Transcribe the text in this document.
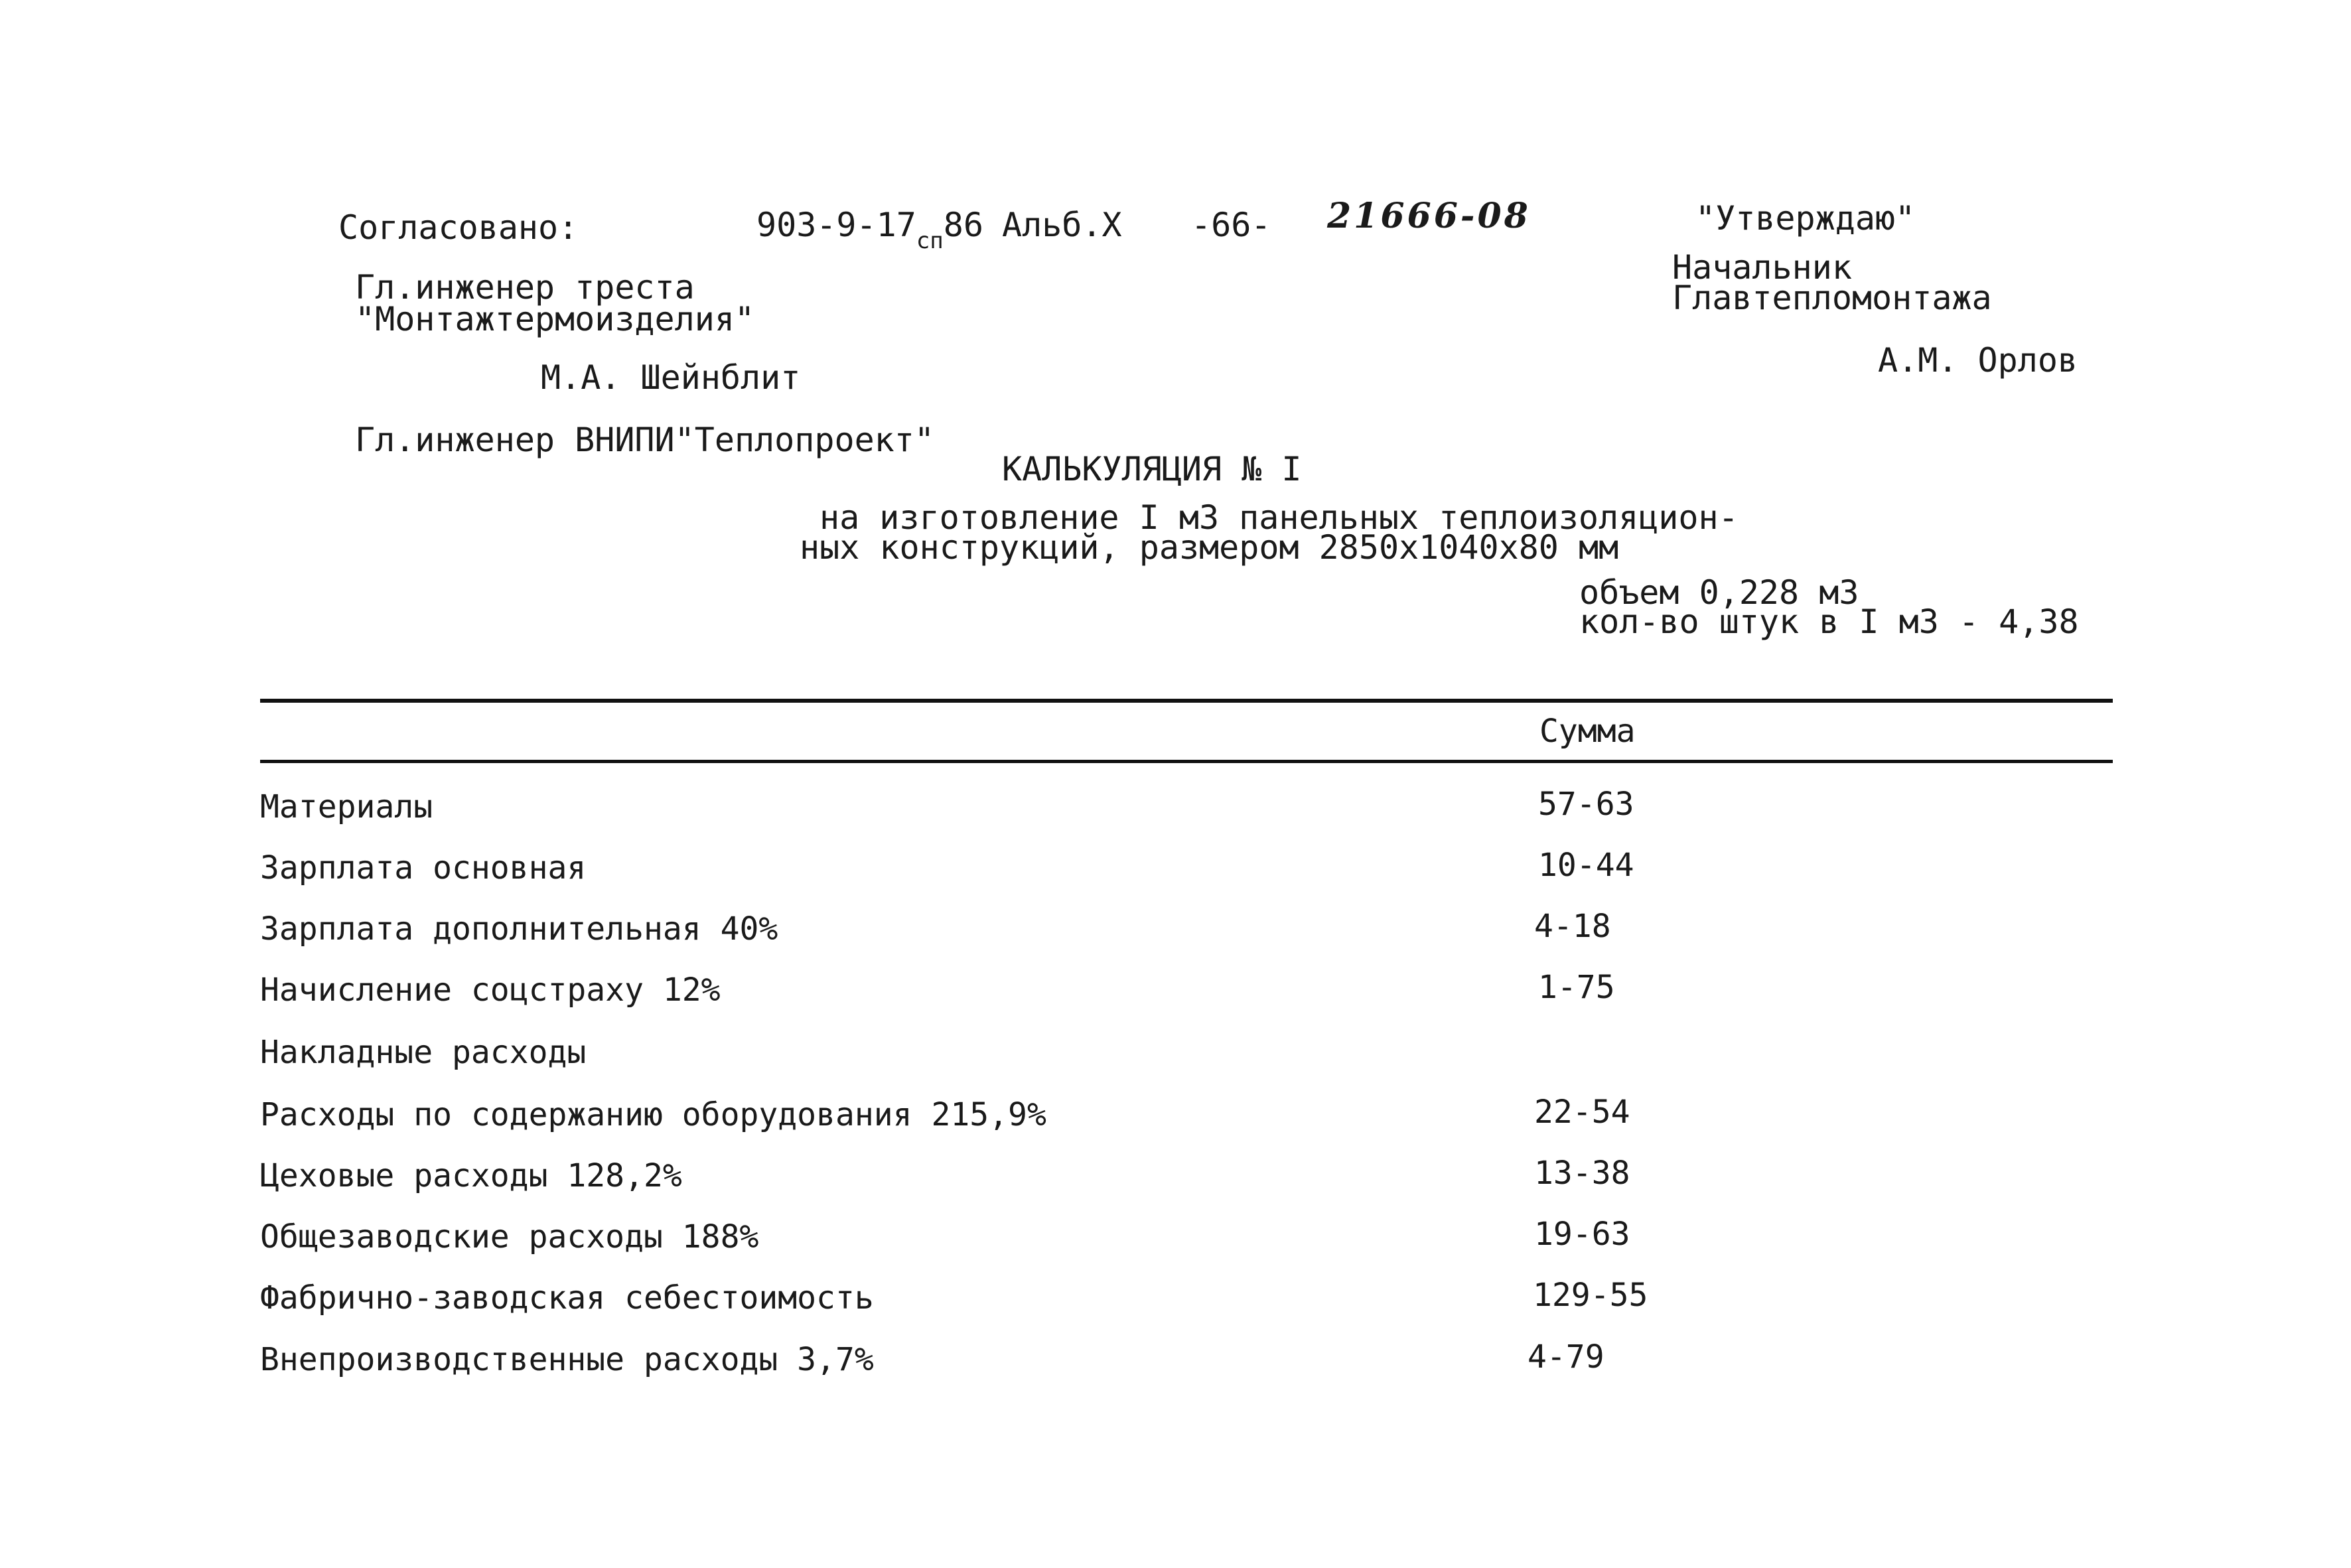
Согласовано:	$903-9-17_{сп}86$ Альб.X -66- 21666-08	"Утверждаю"
Гл.инженер треста
"Монтажтермоизделия"
М.А. Шейнблит
Гл.инженер ВНИПИ"Теплопроект"
Начальник
Главтепломонтажа
А.М. Орлов
КАЛЬКУЛЯЦИЯ № I
на изготовление I м3 панельных теплоизоляцион-
ных конструкций, размером 2850х1040х80 мм
объем 0,228 м3
кол-во штук в I м3 - 4,38
Сумма
Материалы	57-63
Зарплата основная	10-44
Зарплата дополнительная 40%	4-18
Начисление соцстраху 12%	1-75
Накладные расходы
Расходы по содержанию оборудования 215,9%	22-54
Цеховые расходы 128,2%	13-38
Общезаводские расходы 188%	19-63
Фабрично-заводская себестоимость	129-55
Внепроизводственные расходы 3,7%	4-79
